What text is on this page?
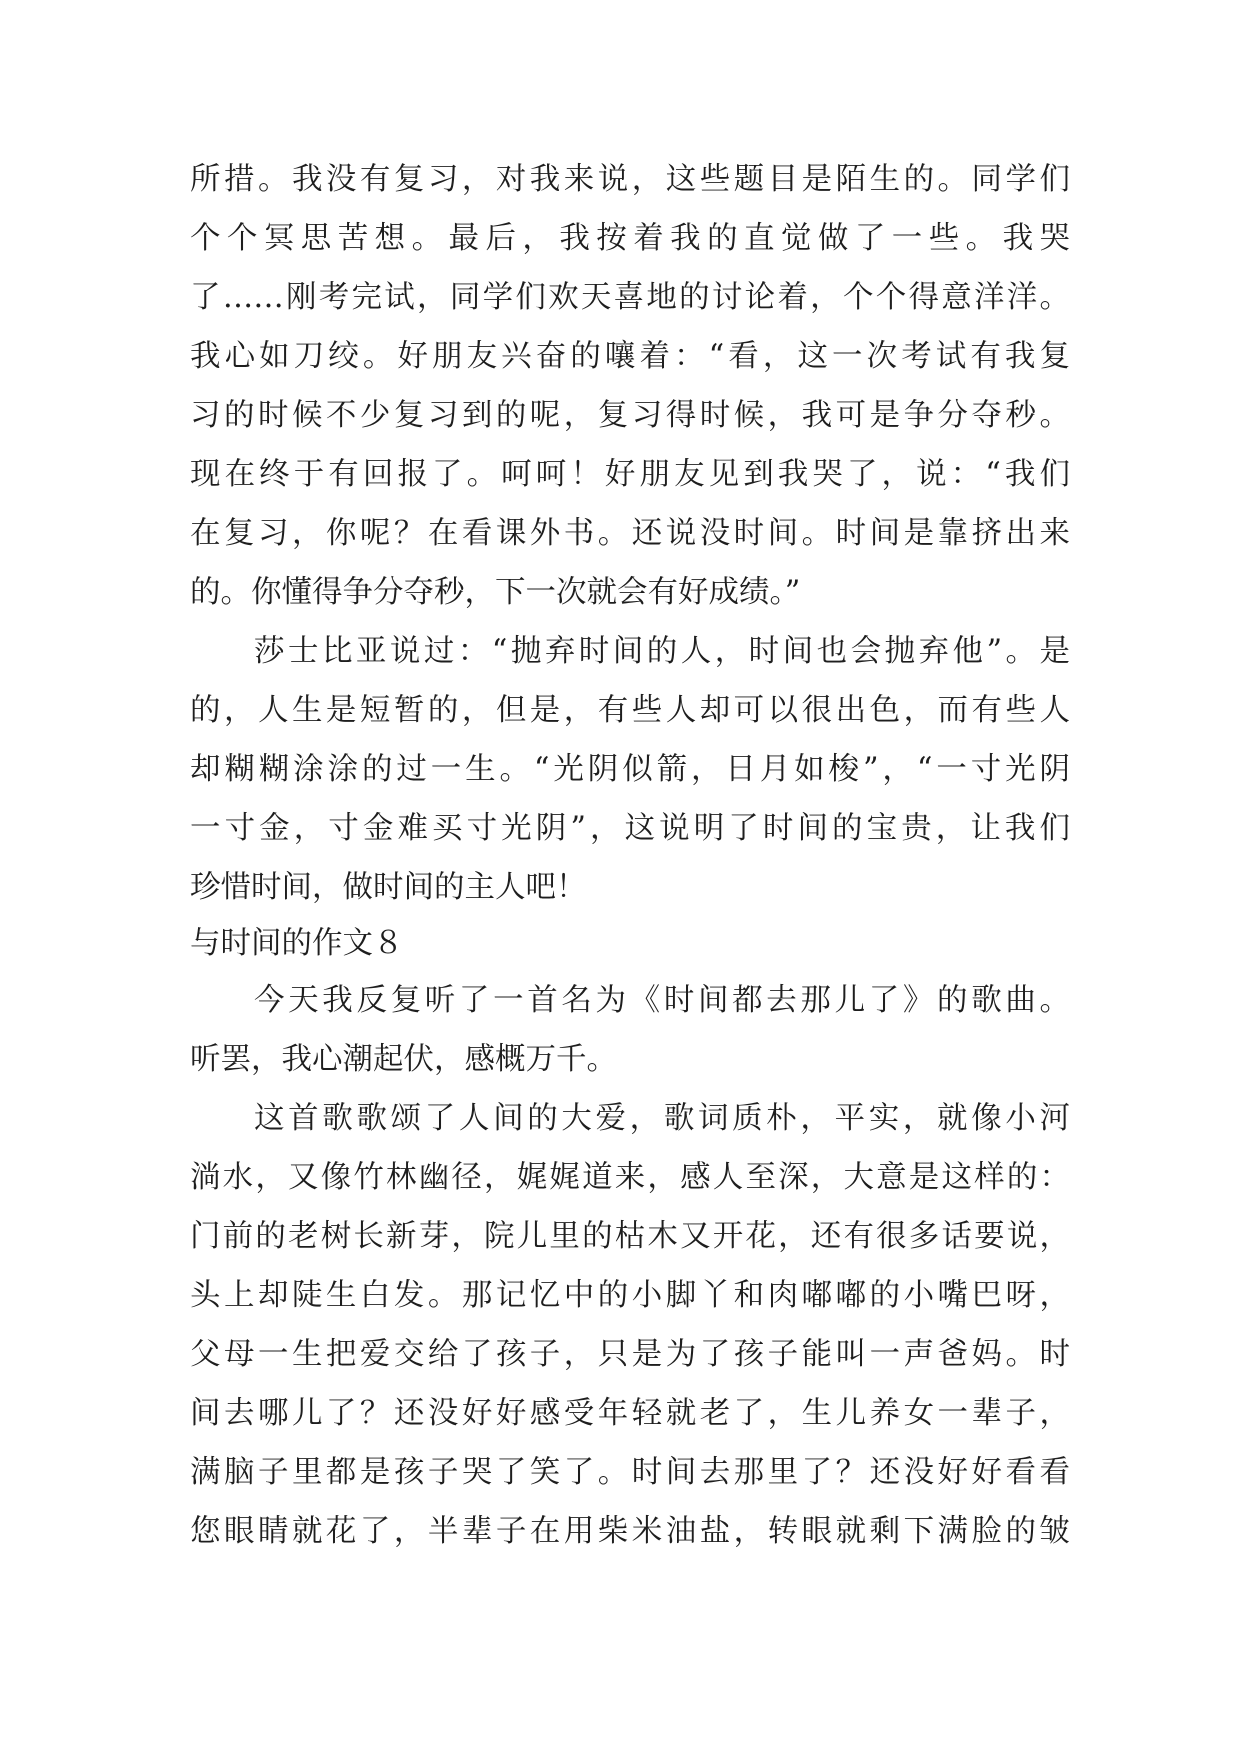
所措。我没有复习，对我来说，这些题目是陌生的。同学们
个个冥思苦想。最后，我按着我的直觉做了一些。我哭
了……刚考完试，同学们欢天喜地的讨论着，个个得意洋洋。
我心如刀绞。好朋友兴奋的嚷着：“看，这一次考试有我复
习的时候不少复习到的呢，复习得时候，我可是争分夺秒。
现在终于有回报了。呵呵！好朋友见到我哭了，说：“我们
在复习，你呢？在看课外书。还说没时间。时间是靠挤出来
的。你懂得争分夺秒，下一次就会有好成绩。”
莎士比亚说过：“抛弃时间的人，时间也会抛弃他”。是
的，人生是短暂的，但是，有些人却可以很出色，而有些人
却糊糊涂涂的过一生。“光阴似箭，日月如梭”，“一寸光阴
一寸金，寸金难买寸光阴”，这说明了时间的宝贵，让我们
珍惜时间，做时间的主人吧！
与时间的作文８
今天我反复听了一首名为《时间都去那儿了》的歌曲。
听罢，我心潮起伏，感概万千。
这首歌歌颂了人间的大爱，歌词质朴，平实，就像小河
淌水，又像竹林幽径，娓娓道来，感人至深，大意是这样的：
门前的老树长新芽，院儿里的枯木又开花，还有很多话要说，
头上却陡生白发。那记忆中的小脚丫和肉嘟嘟的小嘴巴呀，
父母一生把爱交给了孩子，只是为了孩子能叫一声爸妈。时
间去哪儿了？还没好好感受年轻就老了，生儿养女一辈子，
满脑子里都是孩子哭了笑了。时间去那里了？还没好好看看
您眼睛就花了，半辈子在用柴米油盐，转眼就剩下满脸的皱
